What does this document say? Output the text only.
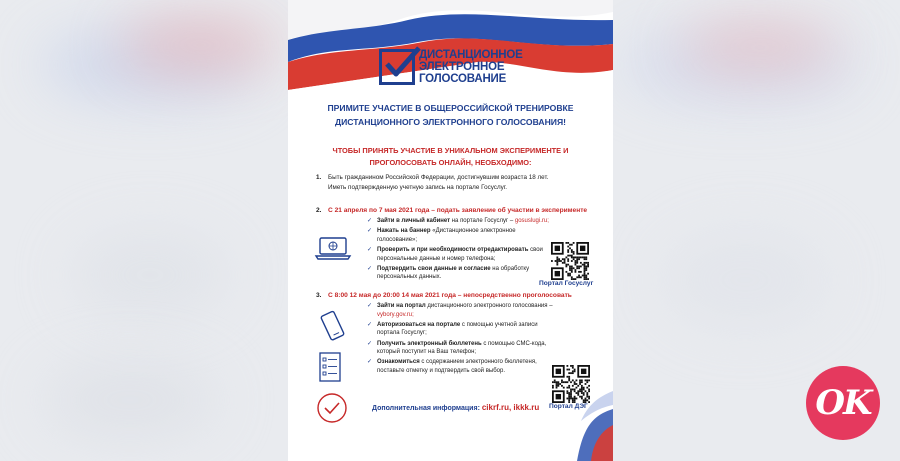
ДИСТАНЦИОННОЕ
ЭЛЕКТРОННОЕ
ГОЛОСОВАНИЕ
ПРИМИТЕ УЧАСТИЕ В ОБЩЕРОССИЙСКОЙ ТРЕНИРОВКЕ
ДИСТАНЦИОННОГО ЭЛЕКТРОННОГО ГОЛОСОВАНИЯ!
ЧТОБЫ ПРИНЯТЬ УЧАСТИЕ В УНИКАЛЬНОМ ЭКСПЕРИМЕНТЕ И
ПРОГОЛОСОВАТЬ ОНЛАЙН, НЕОБХОДИМО:
1.	Быть гражданином Российской Федерации, достигнувшим возраста 18 лет.
Иметь подтвержденную учетную запись на портале Госуслуг.
2. С 21 апреля по 7 мая 2021 года – подать заявление об участии в эксперименте
✓ Зайти в личный кабинет на портале Госуслуг – gosuslugi.ru;
✓ Нажать на баннер «Дистанционное электронное голосование»;
✓ Проверить и при необходимости отредактировать свои персональные данные и номер телефона;
✓ Подтвердить свои данные и согласие на обработку персональных данных.
Портал Госуслуг
3. С 8:00 12 мая до 20:00 14 мая 2021 года – непосредственно проголосовать
✓ Зайти на портал дистанционного электронного голосования – vybory.gov.ru;
✓ Авторизоваться на портале с помощью учетной записи портала Госуслуг;
✓ Получить электронный бюллетень с помощью СМС-кода, который поступит на Ваш телефон;
✓ Ознакомиться с содержанием электронного бюллетеня, поставьте отметку и подтвердить свой выбор.
Портал ДЭГ
Дополнительная информация: cikrf.ru, ikkk.ru	OK
